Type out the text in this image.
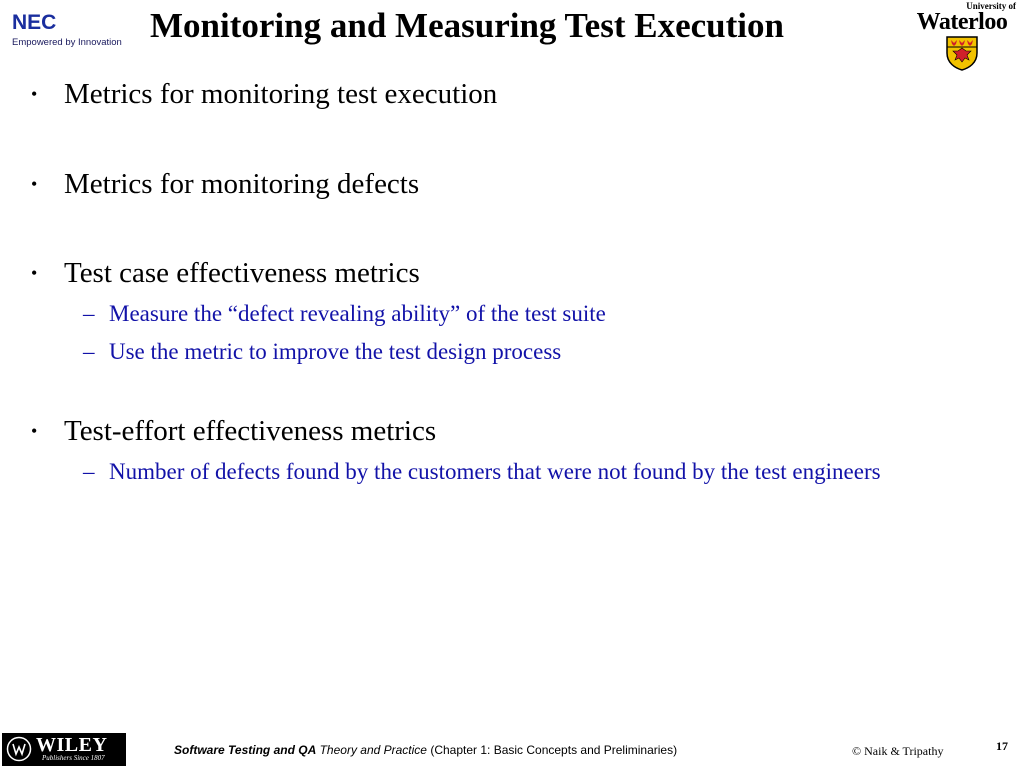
NEC
Empowered by Innovation Monitoring and Measuring Test Execution	University of
Waterloo
• Metrics for monitoring test execution
• Metrics for monitoring defects
• Test case effectiveness metrics
– Measure the “defect revealing ability” of the test suite
– Use the metric to improve the test design process
• Test-effort effectiveness metrics
– Number of defects found by the customers that were not found by the test engineers
WILEY
Publishers Since 1807
Software Testing and QA Theory and Practice (Chapter 1: Basic Concepts and Preliminaries)	© Naik & Tripathy	17
